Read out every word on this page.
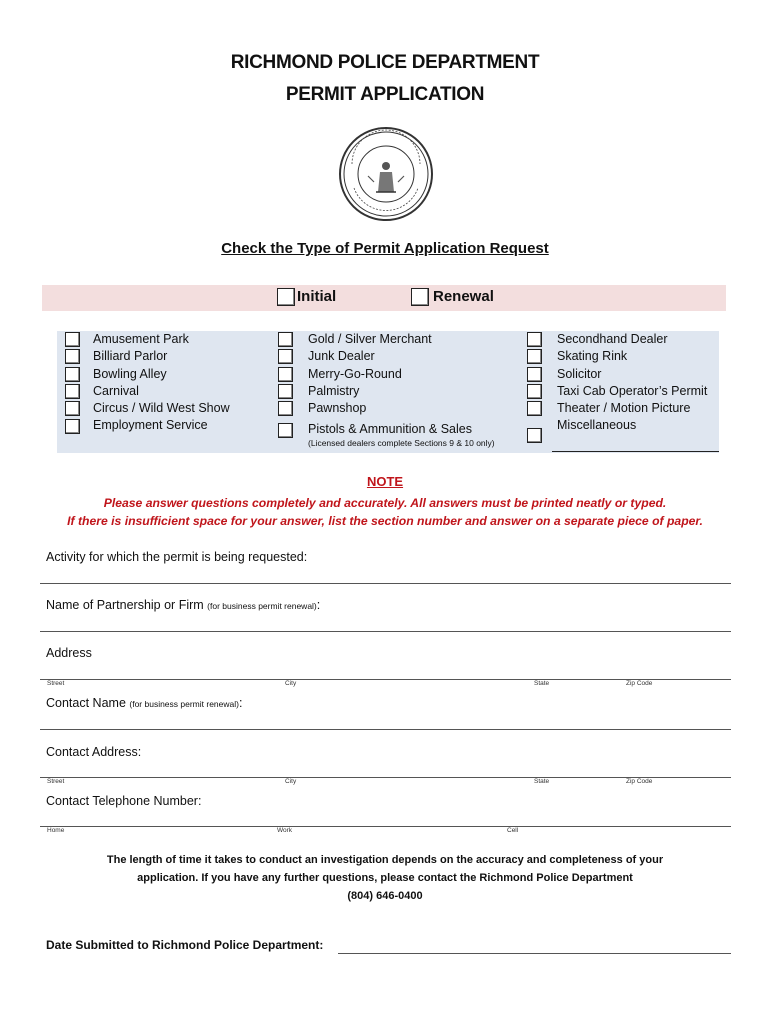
RICHMOND POLICE DEPARTMENT
PERMIT APPLICATION
Check the Type of Permit Application Request
Initial	Renewal
Amusement Park
Billiard Parlor
Bowling Alley
Carnival
Circus / Wild West Show
Employment Service
Gold / Silver Merchant
Junk Dealer
Merry-Go-Round
Palmistry
Pawnshop
Pistols & Ammunition & Sales
(Licensed dealers complete Sections 9 & 10 only)
Secondhand Dealer
Skating Rink
Solicitor
Taxi Cab Operator’s Permit
Theater / Motion Picture
Miscellaneous
NOTE
Please answer questions completely and accurately. All answers must be printed neatly or typed.
If there is insufficient space for your answer, list the section number and answer on a separate piece of paper.
Activity for which the permit is being requested:
Name of Partnership or Firm (for business permit renewal):
Address
Street	City	State	Zip Code
Contact Name (for business permit renewal):
Contact Address:
Street	City	State	Zip Code
Contact Telephone Number:
Home	Work	Cell
The length of time it takes to conduct an investigation depends on the accuracy and completeness of your
application. If you have any further questions, please contact the Richmond Police Department
(804) 646-0400
Date Submitted to Richmond Police Department:
